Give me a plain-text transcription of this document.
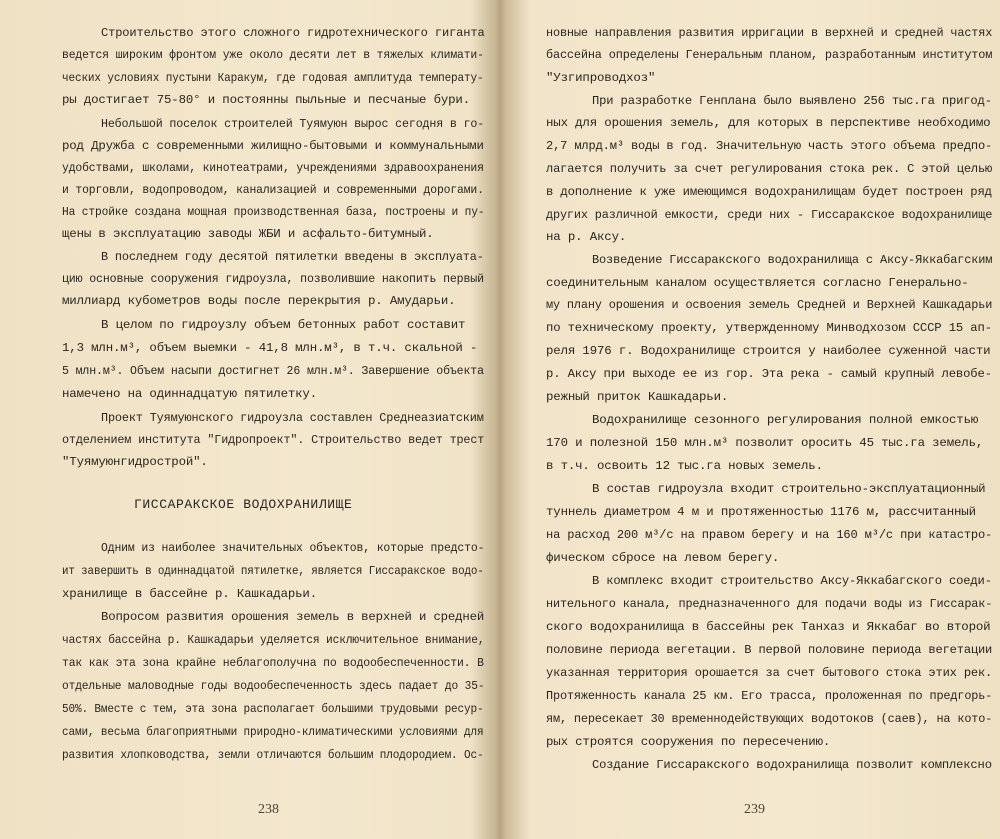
Строительство этого сложного гидротехнического гиганта
ведется широким фронтом уже около десяти лет в тяжелых климати-
ческих условиях пустыни Каракум, где годовая амплитуда температу-
ры достигает 75-80° и постоянны пыльные и песчаные бури.
Небольшой поселок строителей Туямуюн вырос сегодня в го-
род Дружба с современными жилищно-бытовыми и коммунальными
удобствами, школами, кинотеатрами, учреждениями здравоохранения
и торговли, водопроводом, канализацией и современными дорогами.
На стройке создана мощная производственная база, построены и пу-
щены в эксплуатацию заводы ЖБИ и асфальто-битумный.
В последнем году десятой пятилетки введены в эксплуата-
цию основные сооружения гидроузла, позволившие накопить первый
миллиард кубометров воды после перекрытия р. Амударьи.
В целом по гидроузлу объем бетонных работ составит
1,3 млн.м³, объем выемки - 41,8 млн.м³, в т.ч. скальной -
5 млн.м³. Объем насыпи достигнет 26 млн.м³. Завершение объекта
намечено на одиннадцатую пятилетку.
Проект Туямуюнского гидроузла составлен Среднеазиатским
отделением института "Гидропроект". Строительство ведет трест
"Туямуюнгидрострой".
ГИССАРАКСКОЕ ВОДОХРАНИЛИЩЕ
Одним из наиболее значительных объектов, которые предсто-
ит завершить в одиннадцатой пятилетке, является Гиссаракское водо-
хранилище в бассейне р. Кашкадарьи.
Вопросом развития орошения земель в верхней и средней
частях бассейна р. Кашкадарьи уделяется исключительное внимание,
так как эта зона крайне неблагополучна по водообеспеченности. В
отдельные маловодные годы водообеспеченность здесь падает до 35-
50%. Вместе с тем, эта зона располагает большими трудовыми ресур-
сами, весьма благоприятными природно-климатическими условиями для
развития хлопководства, земли отличаются большим плодородием. Ос-
238
новные направления развития ирригации в верхней и средней частях
бассейна определены Генеральным планом, разработанным институтом
"Узгипроводхоз"
При разработке Генплана было выявлено 256 тыс.га пригод-
ных для орошения земель, для которых в перспективе необходимо
2,7 млрд.м³ воды в год. Значительную часть этого объема предпо-
лагается получить за счет регулирования стока рек. С этой целью
в дополнение к уже имеющимся водохранилищам будет построен ряд
других различной емкости, среди них - Гиссаракское водохранилище
на р. Аксу.
Возведение Гиссаракского водохранилища с Аксу-Яккабагским
соединительным каналом осуществляется согласно Генерально-
му плану орошения и освоения земель Средней и Верхней Кашкадарьи
по техническому проекту, утвержденному Минводхозом СССР 15 ап-
реля 1976 г. Водохранилище строится у наиболее суженной части
р. Аксу при выходе ее из гор. Эта река - самый крупный левобе-
режный приток Кашкадарьи.
Водохранилище сезонного регулирования полной емкостью
170 и полезной 150 млн.м³ позволит оросить 45 тыс.га земель,
в т.ч. освоить 12 тыс.га новых земель.
В состав гидроузла входит строительно-эксплуатационный
туннель диаметром 4 м и протяженностью 1176 м, рассчитанный
на расход 200 м³/с на правом берегу и на 160 м³/с при катастро-
фическом сбросе на левом берегу.
В комплекс входит строительство Аксу-Яккабагского соеди-
нительного канала, предназначенного для подачи воды из Гиссарак-
ского водохранилища в бассейны рек Танхаз и Яккабаг во второй
половине периода вегетации. В первой половине периода вегетации
указанная территория орошается за счет бытового стока этих рек.
Протяженность канала 25 км. Его трасса, проложенная по предгорь-
ям, пересекает 30 временнодействующих водотоков (саев), на кото-
рых строятся сооружения по пересечению.
Создание Гиссаракского водохранилища позволит комплексно
239
